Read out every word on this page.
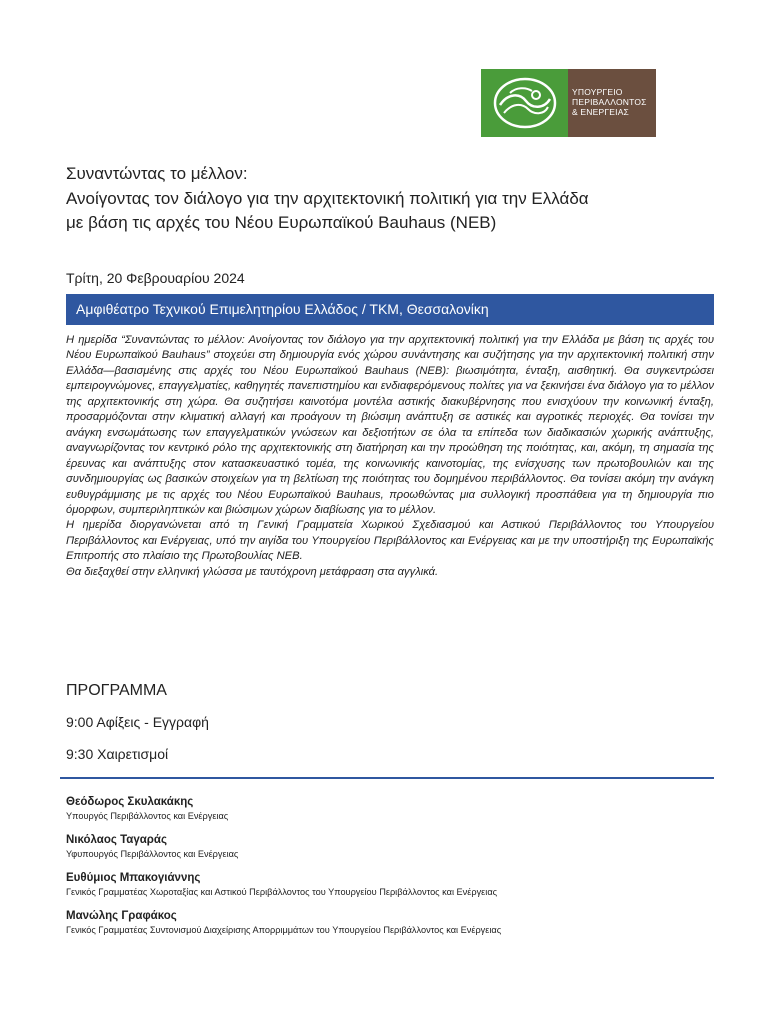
ΥΠΟΥΡΓΕΙΟ
ΠΕΡΙΒΑΛΛΟΝΤΟΣ
& ΕΝΕΡΓΕΙΑΣ
Συναντώντας το μέλλον:
Ανοίγοντας τον διάλογο για την αρχιτεκτονική πολιτική για την Ελλάδα
με βάση τις αρχές του Νέου Ευρωπαϊκού Bauhaus (NEB)
Τρίτη, 20 Φεβρουαρίου 2024
Αμφιθέατρο Τεχνικού Επιμελητηρίου Ελλάδος / ΤΚΜ, Θεσσαλονίκη

Η ημερίδα “Συναντώντας το μέλλον: Ανοίγοντας τον διάλογο για την αρχιτεκτονική πολιτική για την Ελλάδα με βάση τις αρχές του Νέου Ευρωπαϊκού Bauhaus” στοχεύει στη δημιουργία ενός χώρου συνάντησης και συζήτησης για την αρχιτεκτονική πολιτική στην Ελλάδα—βασισμένης στις αρχές του Νέου Ευρωπαϊκού Bauhaus (NEB): βιωσιμότητα, ένταξη, αισθητική. Θα συγκεντρώσει εμπειρογνώμονες, επαγγελματίες, καθηγητές πανεπιστημίου και ενδιαφερόμενους πολίτες για να ξεκινήσει ένα διάλογο για το μέλλον της αρχιτεκτονικής στη χώρα. Θα συζητήσει καινοτόμα μοντέλα αστικής διακυβέρνησης που ενισχύουν την κοινωνική ένταξη, προσαρμόζονται στην κλιματική αλλαγή και προάγουν τη βιώσιμη ανάπτυξη σε αστικές και αγροτικές περιοχές. Θα τονίσει την ανάγκη ενσωμάτωσης των επαγγελματικών γνώσεων και δεξιοτήτων σε όλα τα επίπεδα των διαδικασιών χωρικής ανάπτυξης, αναγνωρίζοντας τον κεντρικό ρόλο της αρχιτεκτονικής στη διατήρηση και την προώθηση της ποιότητας, και, ακόμη, τη σημασία της έρευνας και ανάπτυξης στον κατασκευαστικό τομέα, της κοινωνικής καινοτομίας, της ενίσχυσης των πρωτοβουλιών και της συνδημιουργίας ως βασικών στοιχείων για τη βελτίωση της ποιότητας του δομημένου περιβάλλοντος. Θα τονίσει ακόμη την ανάγκη ευθυγράμμισης με τις αρχές του Νέου Ευρωπαϊκού Bauhaus, προωθώντας μια συλλογική προσπάθεια για τη δημιουργία πιο όμορφων, συμπεριληπτικών και βιώσιμων χώρων διαβίωσης για το μέλλον.

Η ημερίδα διοργανώνεται από τη Γενική Γραμματεία Χωρικού Σχεδιασμού και Αστικού Περιβάλλοντος του Υπουργείου Περιβάλλοντος και Ενέργειας, υπό την αιγίδα του Υπουργείου Περιβάλλοντος και Ενέργειας και με την υποστήριξη της Ευρωπαϊκής Επιτροπής στο πλαίσιο της Πρωτοβουλίας NEB.

Θα διεξαχθεί στην ελληνική γλώσσα με ταυτόχρονη μετάφραση στα αγγλικά.

ΠΡΟΓΡΑΜΜΑ
9:00 Αφίξεις - Εγγραφή
9:30 Χαιρετισμοί
Θεόδωρος Σκυλακάκης
Υπουργός Περιβάλλοντος και Ενέργειας
Νικόλαος Ταγαράς
Υφυπουργός Περιβάλλοντος και Ενέργειας
Ευθύμιος Μπακογιάννης
Γενικός Γραμματέας Χωροταξίας και Αστικού Περιβάλλοντος του Υπουργείου Περιβάλλοντος και Ενέργειας
Μανώλης Γραφάκος
Γενικός Γραμματέας Συντονισμού Διαχείρισης Απορριμμάτων του Υπουργείου Περιβάλλοντος και Ενέργειας
